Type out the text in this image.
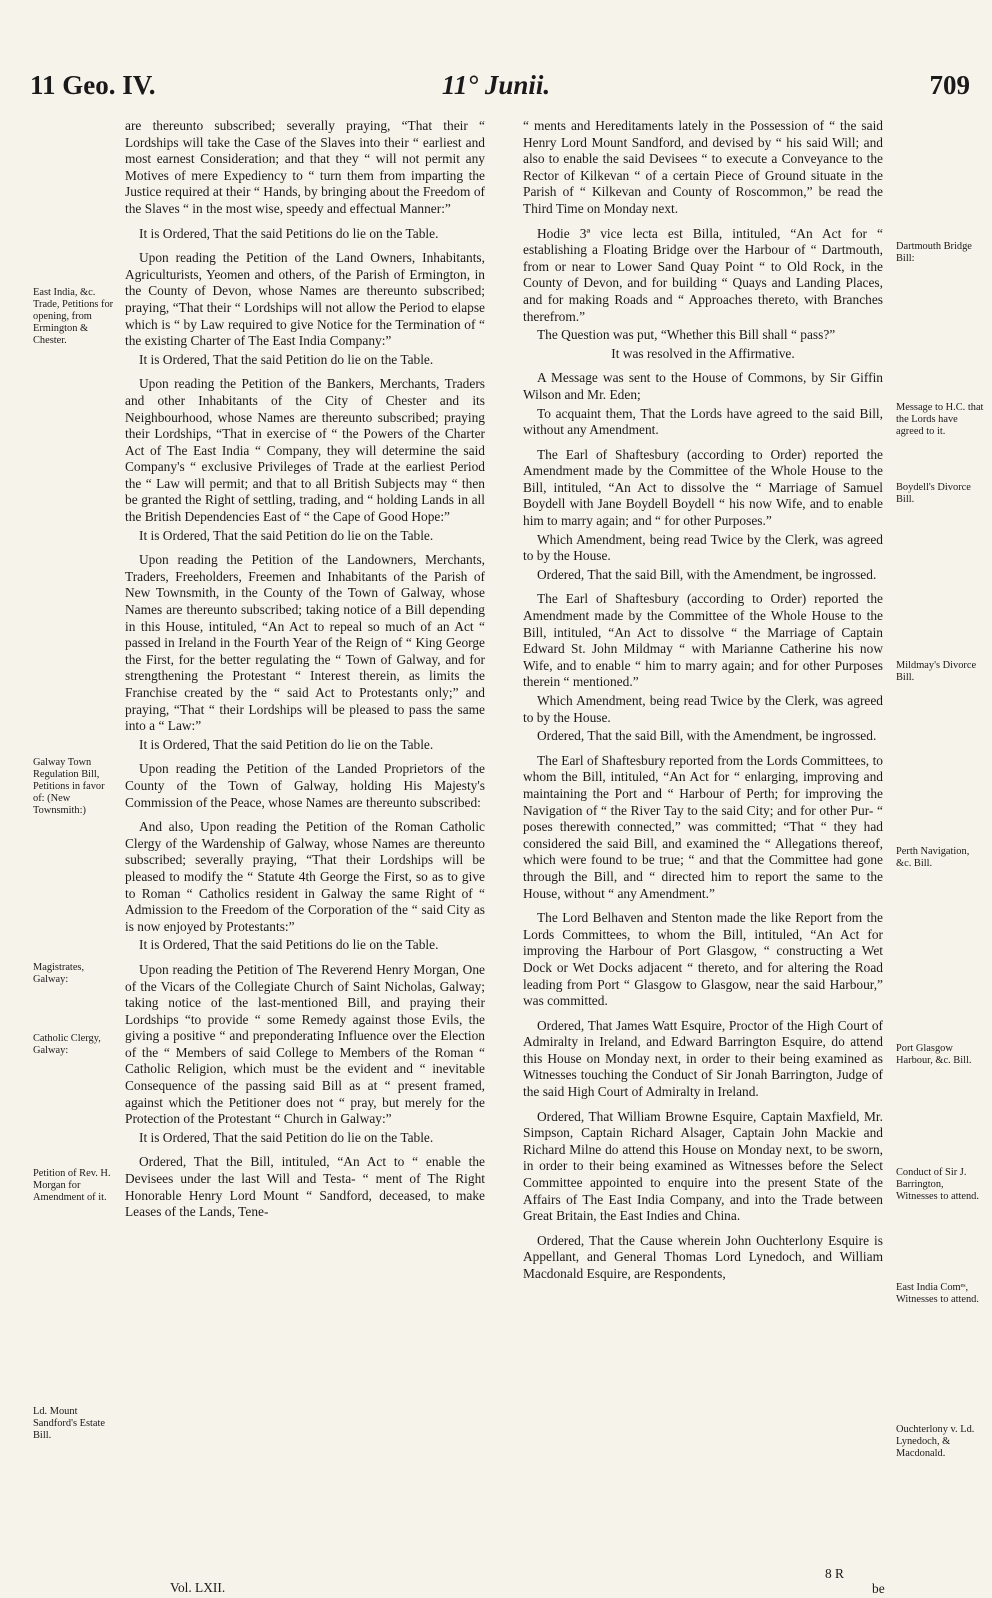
11 Geo. IV.	11° Junii.	709

are thereunto subscribed; severally praying, “That their “ Lordships will take the Case of the Slaves into their “ earliest and most earnest Consideration; and that they “ will not permit any Motives of mere Expediency to “ turn them from imparting the Justice required at their “ Hands, by bringing about the Freedom of the Slaves “ in the most wise, speedy and effectual Manner:”

It is Ordered, That the said Petitions do lie on the Table.

Upon reading the Petition of the Land Owners, Inhabitants, Agriculturists, Yeomen and others, of the Parish of Ermington, in the County of Devon, whose Names are thereunto subscribed; praying, “That their “ Lordships will not allow the Period to elapse which is “ by Law required to give Notice for the Termination of “ the existing Charter of The East India Company:”

It is Ordered, That the said Petition do lie on the Table.

Upon reading the Petition of the Bankers, Merchants, Traders and other Inhabitants of the City of Chester and its Neighbourhood, whose Names are thereunto subscribed; praying their Lordships, “That in exercise of “ the Powers of the Charter Act of The East India “ Company, they will determine the said Company's “ exclusive Privileges of Trade at the earliest Period the “ Law will permit; and that to all British Subjects may “ then be granted the Right of settling, trading, and “ holding Lands in all the British Dependencies East of “ the Cape of Good Hope:”

It is Ordered, That the said Petition do lie on the Table.

Upon reading the Petition of the Landowners, Merchants, Traders, Freeholders, Freemen and Inhabitants of the Parish of New Townsmith, in the County of the Town of Galway, whose Names are thereunto subscribed; taking notice of a Bill depending in this House, intituled, “An Act to repeal so much of an Act “ passed in Ireland in the Fourth Year of the Reign of “ King George the First, for the better regulating the “ Town of Galway, and for strengthening the Protestant “ Interest therein, as limits the Franchise created by the “ said Act to Protestants only;” and praying, “That “ their Lordships will be pleased to pass the same into a “ Law:”

It is Ordered, That the said Petition do lie on the Table.

Upon reading the Petition of the Landed Proprietors of the County of the Town of Galway, holding His Majesty's Commission of the Peace, whose Names are thereunto subscribed:

And also, Upon reading the Petition of the Roman Catholic Clergy of the Wardenship of Galway, whose Names are thereunto subscribed; severally praying, “That their Lordships will be pleased to modify the “ Statute 4th George the First, so as to give to Roman “ Catholics resident in Galway the same Right of “ Admission to the Freedom of the Corporation of the “ said City as is now enjoyed by Protestants:”

It is Ordered, That the said Petitions do lie on the Table.

Upon reading the Petition of The Reverend Henry Morgan, One of the Vicars of the Collegiate Church of Saint Nicholas, Galway; taking notice of the last-mentioned Bill, and praying their Lordships “to provide “ some Remedy against those Evils, the giving a positive “ and preponderating Influence over the Election of the “ Members of said College to Members of the Roman “ Catholic Religion, which must be the evident and “ inevitable Consequence of the passing said Bill as at “ present framed, against which the Petitioner does not “ pray, but merely for the Protection of the Protestant “ Church in Galway:”

It is Ordered, That the said Petition do lie on the Table.

Ordered, That the Bill, intituled, “An Act to “ enable the Devisees under the last Will and Testa- “ ment of The Right Honorable Henry Lord Mount “ Sandford, deceased, to make Leases of the Lands, Tene-

“ ments and Hereditaments lately in the Possession of “ the said Henry Lord Mount Sandford, and devised by “ his said Will; and also to enable the said Devisees “ to execute a Conveyance to the Rector of Kilkevan “ of a certain Piece of Ground situate in the Parish of “ Kilkevan and County of Roscommon,” be read the Third Time on Monday next.

Hodie 3ª vice lecta est Billa, intituled, “An Act for “ establishing a Floating Bridge over the Harbour of “ Dartmouth, from or near to Lower Sand Quay Point “ to Old Rock, in the County of Devon, and for building “ Quays and Landing Places, and for making Roads and “ Approaches thereto, with Branches therefrom.”

The Question was put, “Whether this Bill shall “ pass?”

It was resolved in the Affirmative.

A Message was sent to the House of Commons, by Sir Giffin Wilson and Mr. Eden;

To acquaint them, That the Lords have agreed to the said Bill, without any Amendment.

The Earl of Shaftesbury (according to Order) reported the Amendment made by the Committee of the Whole House to the Bill, intituled, “An Act to dissolve the “ Marriage of Samuel Boydell with Jane Boydell Boydell “ his now Wife, and to enable him to marry again; and “ for other Purposes.”

Which Amendment, being read Twice by the Clerk, was agreed to by the House.

Ordered, That the said Bill, with the Amendment, be ingrossed.

The Earl of Shaftesbury (according to Order) reported the Amendment made by the Committee of the Whole House to the Bill, intituled, “An Act to dissolve “ the Marriage of Captain Edward St. John Mildmay “ with Marianne Catherine his now Wife, and to enable “ him to marry again; and for other Purposes therein “ mentioned.”

Which Amendment, being read Twice by the Clerk, was agreed to by the House.

Ordered, That the said Bill, with the Amendment, be ingrossed.

The Earl of Shaftesbury reported from the Lords Committees, to whom the Bill, intituled, “An Act for “ enlarging, improving and maintaining the Port and “ Harbour of Perth; for improving the Navigation of “ the River Tay to the said City; and for other Pur- “ poses therewith connected,” was committed; “That “ they had considered the said Bill, and examined the “ Allegations thereof, which were found to be true; “ and that the Committee had gone through the Bill, and “ directed him to report the same to the House, without “ any Amendment.”

The Lord Belhaven and Stenton made the like Report from the Lords Committees, to whom the Bill, intituled, “An Act for improving the Harbour of Port Glasgow, “ constructing a Wet Dock or Wet Docks adjacent “ thereto, and for altering the Road leading from Port “ Glasgow to Glasgow, near the said Harbour,” was committed.

Ordered, That James Watt Esquire, Proctor of the High Court of Admiralty in Ireland, and Edward Barrington Esquire, do attend this House on Monday next, in order to their being examined as Witnesses touching the Conduct of Sir Jonah Barrington, Judge of the said High Court of Admiralty in Ireland.

Ordered, That William Browne Esquire, Captain Maxfield, Mr. Simpson, Captain Richard Alsager, Captain John Mackie and Richard Milne do attend this House on Monday next, to be sworn, in order to their being examined as Witnesses before the Select Committee appointed to enquire into the present State of the Affairs of The East India Company, and into the Trade between Great Britain, the East Indies and China.

Ordered, That the Cause wherein John Ouchterlony Esquire is Appellant, and General Thomas Lord Lynedoch, and William Macdonald Esquire, are Respondents,

East India, &c. Trade, Petitions for opening, from Ermington & Chester.
Galway Town Regulation Bill, Petitions in favor of: (New Townsmith:)
Magistrates, Galway:
Catholic Clergy, Galway:
Petition of Rev. H. Morgan for Amendment of it.
Ld. Mount Sandford's Estate Bill.
Dartmouth Bridge Bill:
Message to H.C. that the Lords have agreed to it.
Boydell's Divorce Bill.
Mildmay's Divorce Bill.
Perth Navigation, &c. Bill.
Port Glasgow Harbour, &c. Bill.
Conduct of Sir J. Barrington, Witnesses to attend.
East India Comᵉˢ, Witnesses to attend.
Ouchterlony v. Ld. Lynedoch, & Macdonald.
Vol. LXII.
8 R
be
